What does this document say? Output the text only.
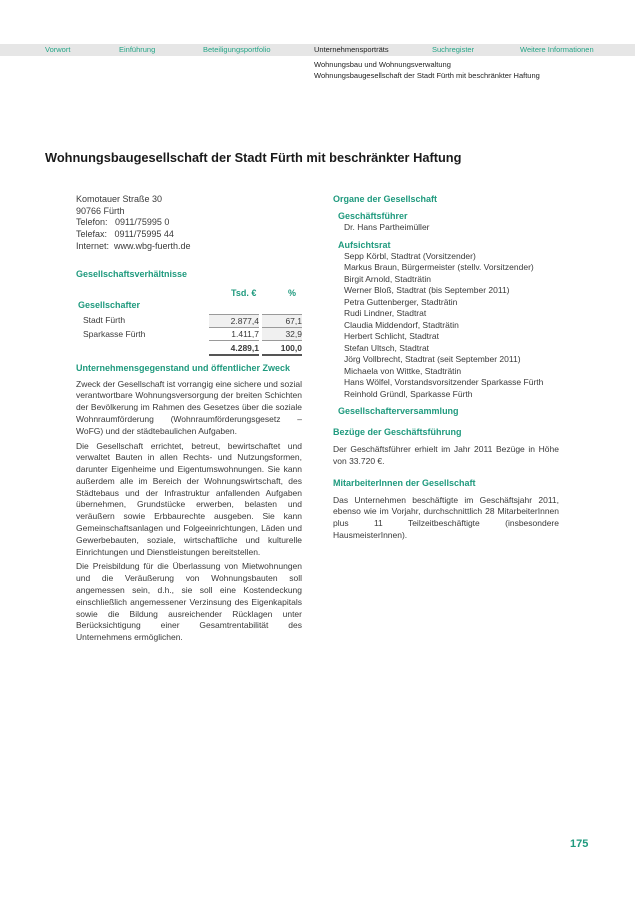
Vorwort	Einführung	Beteiligungsportfolio	Unternehmensporträts	Suchregister	Weitere Informationen
Wohnungsbau und Wohnungsverwaltung
Wohnungsbaugesellschaft der Stadt Fürth mit beschränkter Haftung
Wohnungsbaugesellschaft der Stadt Fürth mit beschränkter Haftung
Komotauer Straße 30
90766 Fürth
Telefon:   0911/75995 0
Telefax:   0911/75995 44
Internet:  www.wbg-fuerth.de
Gesellschaftsverhältnisse
Tsd. €	%
Gesellschafter
Stadt Fürth	2.877,4	67,1
Sparkasse Fürth	1.411,7	32,9
4.289,1	100,0
Unternehmensgegenstand und öffentlicher Zweck

Zweck der Gesellschaft ist vorrangig eine sichere und sozial verantwortbare Wohnungsversorgung der breiten Schichten der Bevölkerung im Rahmen des Gesetzes über die soziale Wohnraumförderung (Wohnraumförderungsgesetz – WoFG) und der städtebaulichen Aufgaben.

Die Gesellschaft errichtet, betreut, bewirtschaftet und verwaltet Bauten in allen Rechts- und Nutzungsformen, darunter Eigenheime und Eigentumswohnungen. Sie kann außerdem alle im Bereich der Wohnungswirtschaft, des Städtebaus und der Infrastruktur anfallenden Aufgaben übernehmen, Grundstücke erwerben, belasten und veräußern sowie Erbbaurechte ausgeben. Sie kann Gemeinschaftsanlagen und Folgeeinrichtungen, Läden und Gewerbebauten, soziale, wirtschaftliche und kulturelle Einrichtungen und Dienstleistungen bereitstellen.

Die Preisbildung für die Überlassung von Mietwohnungen und die Veräußerung von Wohnungsbauten soll angemessen sein, d.h., sie soll eine Kostendeckung einschließlich angemessener Verzinsung des Eigenkapitals sowie die Bildung ausreichender Rücklagen unter Berücksichtigung einer Gesamtrentabilität des Unternehmens ermöglichen.

Organe der Gesellschaft
Geschäftsführer
Dr. Hans Partheimüller
Aufsichtsrat
Sepp Körbl, Stadtrat (Vorsitzender)
Markus Braun, Bürgermeister (stellv. Vorsitzender)
Birgit Arnold, Stadträtin
Werner Bloß, Stadtrat (bis September 2011)
Petra Guttenberger, Stadträtin
Rudi Lindner, Stadtrat
Claudia Middendorf, Stadträtin
Herbert Schlicht, Stadtrat
Stefan Ultsch, Stadtrat
Jörg Vollbrecht, Stadtrat (seit September 2011)
Michaela von Wittke, Stadträtin
Hans Wölfel, Vorstandsvorsitzender Sparkasse Fürth
Reinhold Gründl, Sparkasse Fürth
Gesellschafterversammlung
Bezüge der Geschäftsführung

Der Geschäftsführer erhielt im Jahr 2011 Bezüge in Höhe von 33.720 €.

MitarbeiterInnen der Gesellschaft

Das Unternehmen beschäftigte im Geschäftsjahr 2011, ebenso wie im Vorjahr, durchschnittlich 28 MitarbeiterInnen plus 11 Teilzeitbeschäftigte (insbesondere HausmeisterInnen).

175
